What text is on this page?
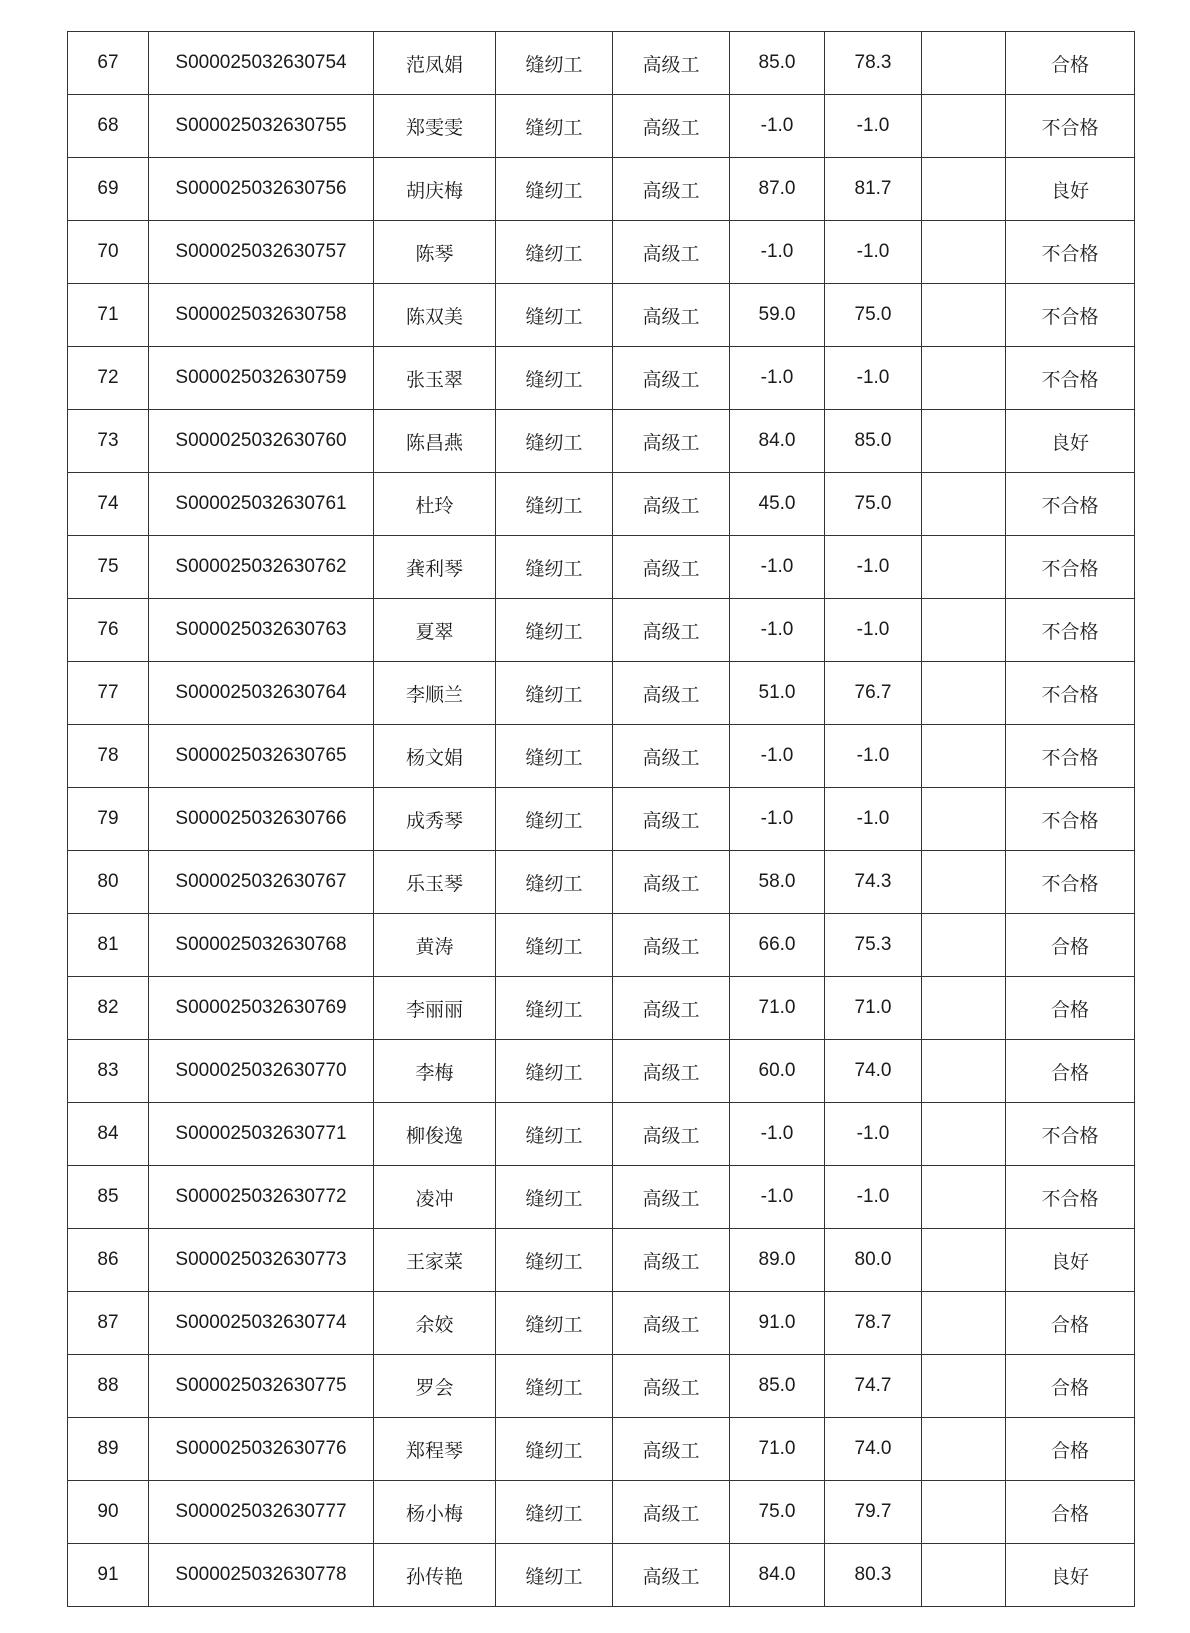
67	S000025032630754	范凤娟	缝纫工	高级工	85.0	78.3		合格
68	S000025032630755	郑雯雯	缝纫工	高级工	-1.0	-1.0		不合格
69	S000025032630756	胡庆梅	缝纫工	高级工	87.0	81.7		良好
70	S000025032630757	陈琴	缝纫工	高级工	-1.0	-1.0		不合格
71	S000025032630758	陈双美	缝纫工	高级工	59.0	75.0		不合格
72	S000025032630759	张玉翠	缝纫工	高级工	-1.0	-1.0		不合格
73	S000025032630760	陈昌燕	缝纫工	高级工	84.0	85.0		良好
74	S000025032630761	杜玲	缝纫工	高级工	45.0	75.0		不合格
75	S000025032630762	龚利琴	缝纫工	高级工	-1.0	-1.0		不合格
76	S000025032630763	夏翠	缝纫工	高级工	-1.0	-1.0		不合格
77	S000025032630764	李顺兰	缝纫工	高级工	51.0	76.7		不合格
78	S000025032630765	杨文娟	缝纫工	高级工	-1.0	-1.0		不合格
79	S000025032630766	成秀琴	缝纫工	高级工	-1.0	-1.0		不合格
80	S000025032630767	乐玉琴	缝纫工	高级工	58.0	74.3		不合格
81	S000025032630768	黄涛	缝纫工	高级工	66.0	75.3		合格
82	S000025032630769	李丽丽	缝纫工	高级工	71.0	71.0		合格
83	S000025032630770	李梅	缝纫工	高级工	60.0	74.0		合格
84	S000025032630771	柳俊逸	缝纫工	高级工	-1.0	-1.0		不合格
85	S000025032630772	凌冲	缝纫工	高级工	-1.0	-1.0		不合格
86	S000025032630773	王家菜	缝纫工	高级工	89.0	80.0		良好
87	S000025032630774	余姣	缝纫工	高级工	91.0	78.7		合格
88	S000025032630775	罗会	缝纫工	高级工	85.0	74.7		合格
89	S000025032630776	郑程琴	缝纫工	高级工	71.0	74.0		合格
90	S000025032630777	杨小梅	缝纫工	高级工	75.0	79.7		合格
91	S000025032630778	孙传艳	缝纫工	高级工	84.0	80.3		良好
